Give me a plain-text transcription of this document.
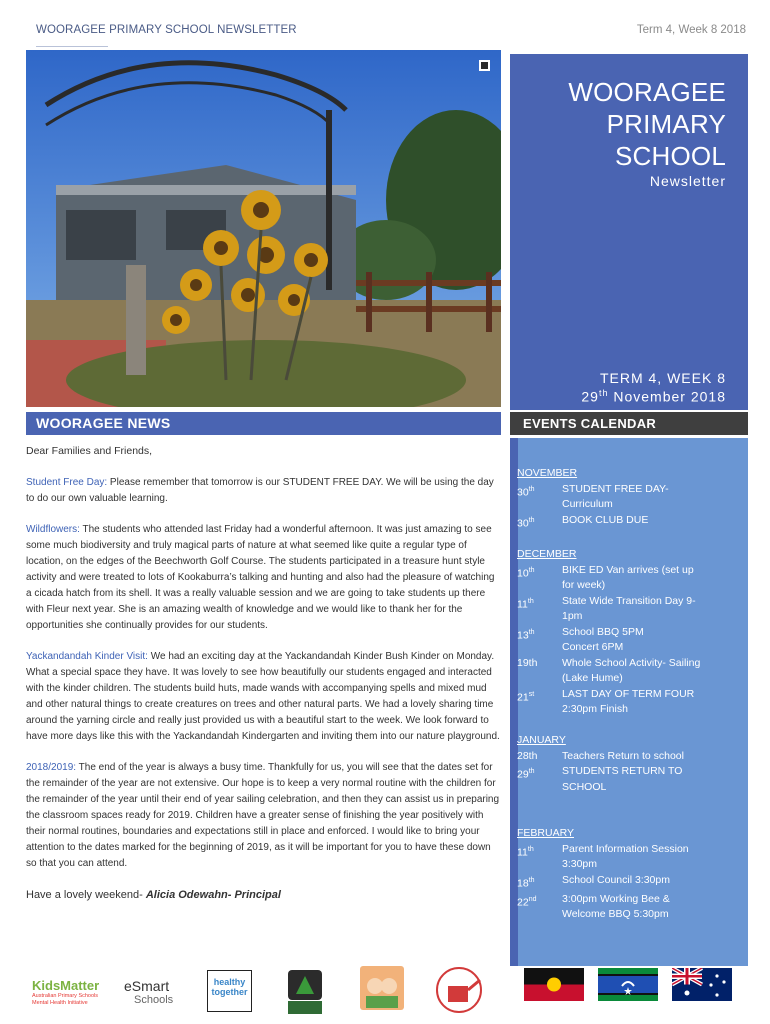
WOORAGEE PRIMARY SCHOOL NEWSLETTER	Term 4, Week 8 2018
WOORAGEE
PRIMARY
SCHOOL
Newsletter
TERM 4, WEEK 8
29th November 2018
WOORAGEE NEWS	EVENTS CALENDAR

Dear Families and Friends,

Student Free Day: Please remember that tomorrow is our STUDENT FREE DAY. We will be using the day to do our own valuable learning.

Wildflowers: The students who attended last Friday had a wonderful afternoon. It was just amazing to see some much biodiversity and truly magical parts of nature at what seemed like quite a regular type of location, on the edges of the Beechworth Golf Course. The students participated in a treasure hunt style activity and were treated to lots of Kookaburra’s talking and hunting and also had the pleasure of watching a cicada hatch from its shell. It was a really valuable session and we are going to take students up there with Fleur next year. She is an amazing wealth of knowledge and we would like to thank her for the opportunities she continually provides for our students.

Yackandandah Kinder Visit: We had an exciting day at the Yackandandah Kinder Bush Kinder on Monday. What a special space they have. It was lovely to see how beautifully our students engaged and interacted with the kinder children. The students build huts, made wands with accompanying spells and mixed mud and other natural things to create creatures on trees and other natural parts. We had a lovely sharing time around the yarning circle and really just provided us with a beautiful start to the week. We look forward to have more days like this with the Yackandandah Kindergarten and inviting them into our nature playground.

2018/2019: The end of the year is always a busy time. Thankfully for us, you will see that the dates set for the remainder of the year are not extensive. Our hope is to keep a very normal routine with the children for the remainder of the year until their end of year sailing celebration, and then they can assist us in preparing the classroom spaces ready for 2019. Children have a greater sense of finishing the year positively with their normal routines, boundaries and expectations still in place and enforced. I would like to bring your attention to the dates marked for the beginning of 2019, as it will be important for you to have these down so that you can attend.

Have a lovely weekend- Alicia Odewahn- Principal

NOVEMBER
30th	STUDENT FREE DAY-
Curriculum
30th	BOOK CLUB DUE
DECEMBER
10th	BIKE ED Van arrives (set up
for week)
11th	State Wide Transition Day 9-
1pm
13th	School BBQ 5PM
Concert 6PM
19th	Whole School Activity- Sailing
(Lake Hume)
21st	LAST DAY OF TERM FOUR
2:30pm Finish
JANUARY
28th	Teachers Return to school
29th	STUDENTS RETURN TO
SCHOOL
FEBRUARY
11th	Parent Information Session
3:30pm
18th	School Council 3:30pm
22nd	3:00pm Working Bee &
Welcome BBQ 5:30pm
KidsMatter
Australian Primary Schools Mental Health Initiative
eSmart
Schools
healthy together
